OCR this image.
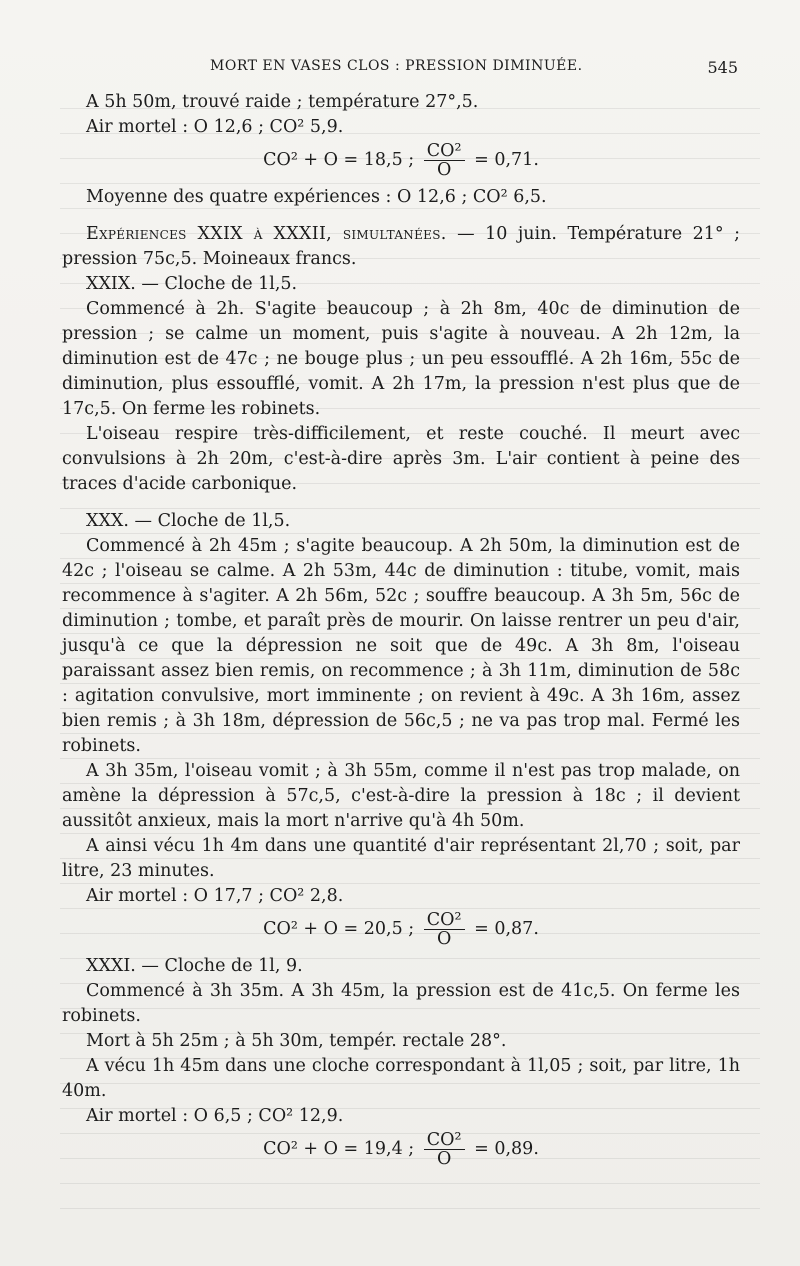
MORT EN VASES CLOS : PRESSION DIMINUÉE.	545

A 5h 50m, trouvé raide ; température 27°,5.

Air mortel : O 12,6 ; CO² 5,9.

CO² + O = 18,5 ; $\frac{\text{CO²}}{O} = 0,71$.

Moyenne des quatre expériences : O 12,6 ; CO² 6,5.

Expériences XXIX à XXXII, simultanées. — 10 juin. Température 21° ; pression 75c,5. Moineaux francs.

XXIX. — Cloche de 1l,5.

Commencé à 2h. S'agite beaucoup ; à 2h 8m, 40c de diminution de pression ; se calme un moment, puis s'agite à nouveau. A 2h 12m, la diminution est de 47c ; ne bouge plus ; un peu essoufflé. A 2h 16m, 55c de diminution, plus essoufflé, vomit. A 2h 17m, la pression n'est plus que de 17c,5. On ferme les robinets.

L'oiseau respire très-difficilement, et reste couché. Il meurt avec convulsions à 2h 20m, c'est-à-dire après 3m. L'air contient à peine des traces d'acide carbonique.

XXX. — Cloche de 1l,5.

Commencé à 2h 45m ; s'agite beaucoup. A 2h 50m, la diminution est de 42c ; l'oiseau se calme. A 2h 53m, 44c de diminution : titube, vomit, mais recommence à s'agiter. A 2h 56m, 52c ; souffre beaucoup. A 3h 5m, 56c de diminution ; tombe, et paraît près de mourir. On laisse rentrer un peu d'air, jusqu'à ce que la dépression ne soit que de 49c. A 3h 8m, l'oiseau paraissant assez bien remis, on recommence ; à 3h 11m, diminution de 58c : agitation convulsive, mort imminente ; on revient à 49c. A 3h 16m, assez bien remis ; à 3h 18m, dépression de 56c,5 ; ne va pas trop mal. Fermé les robinets.

A 3h 35m, l'oiseau vomit ; à 3h 55m, comme il n'est pas trop malade, on amène la dépression à 57c,5, c'est-à-dire la pression à 18c ; il devient aussitôt anxieux, mais la mort n'arrive qu'à 4h 50m.

A ainsi vécu 1h 4m dans une quantité d'air représentant 2l,70 ; soit, par litre, 23 minutes.

Air mortel : O 17,7 ; CO² 2,8.

CO² + O = 20,5 ; $\frac{\text{CO²}}{O} = 0,87$.

XXXI. — Cloche de 1l, 9.

Commencé à 3h 35m. A 3h 45m, la pression est de 41c,5. On ferme les robinets.

Mort à 5h 25m ; à 5h 30m, tempér. rectale 28°.

A vécu 1h 45m dans une cloche correspondant à 1l,05 ; soit, par litre, 1h 40m.

Air mortel : O 6,5 ; CO² 12,9.

CO² + O = 19,4 ; $\frac{\text{CO²}}{O} = 0,89$.
